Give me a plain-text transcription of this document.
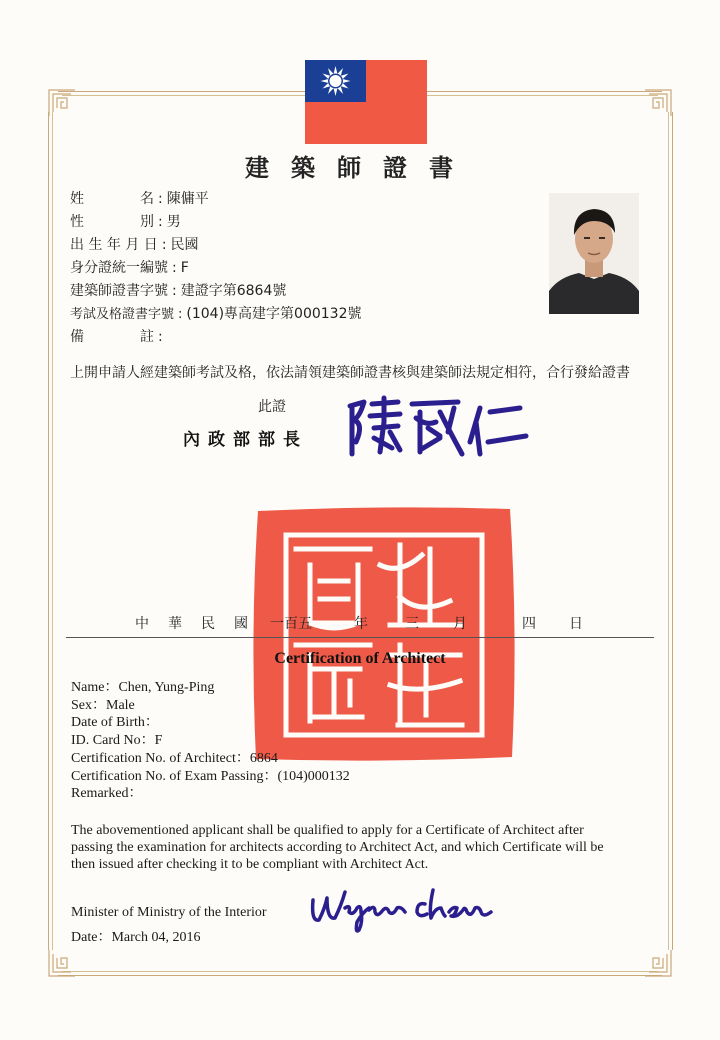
建築師證書
姓　　　　名 : 陳傭平
性　　　　別 : 男
出 生 年 月 日 : 民國
身分證統一編號 : F
建築師證書字號 : 建證字第6864號
考試及格證書字號 : (104)專高建字第000132號
備　　　　註 :
上開申請人經建築師考試及格，依法請領建築師證書核與建築師法規定相符，合行發給證書
此證
內政部部長
中 華 民 國 一百五	年	三 月	四 日
Certification of Architect
Name：Chen, Yung-Ping
Sex：Male
Date of Birth：
ID. Card No：F
Certification No. of Architect：6864
Certification No. of Exam Passing：(104)000132
Remarked：
The abovementioned applicant shall be qualified to apply for a Certificate of Architect after passing the examination for architects according to Architect Act, and which Certificate will be then issued after checking it to be compliant with Architect Act.
Minister of Ministry of the Interior
Date：March 04, 2016
